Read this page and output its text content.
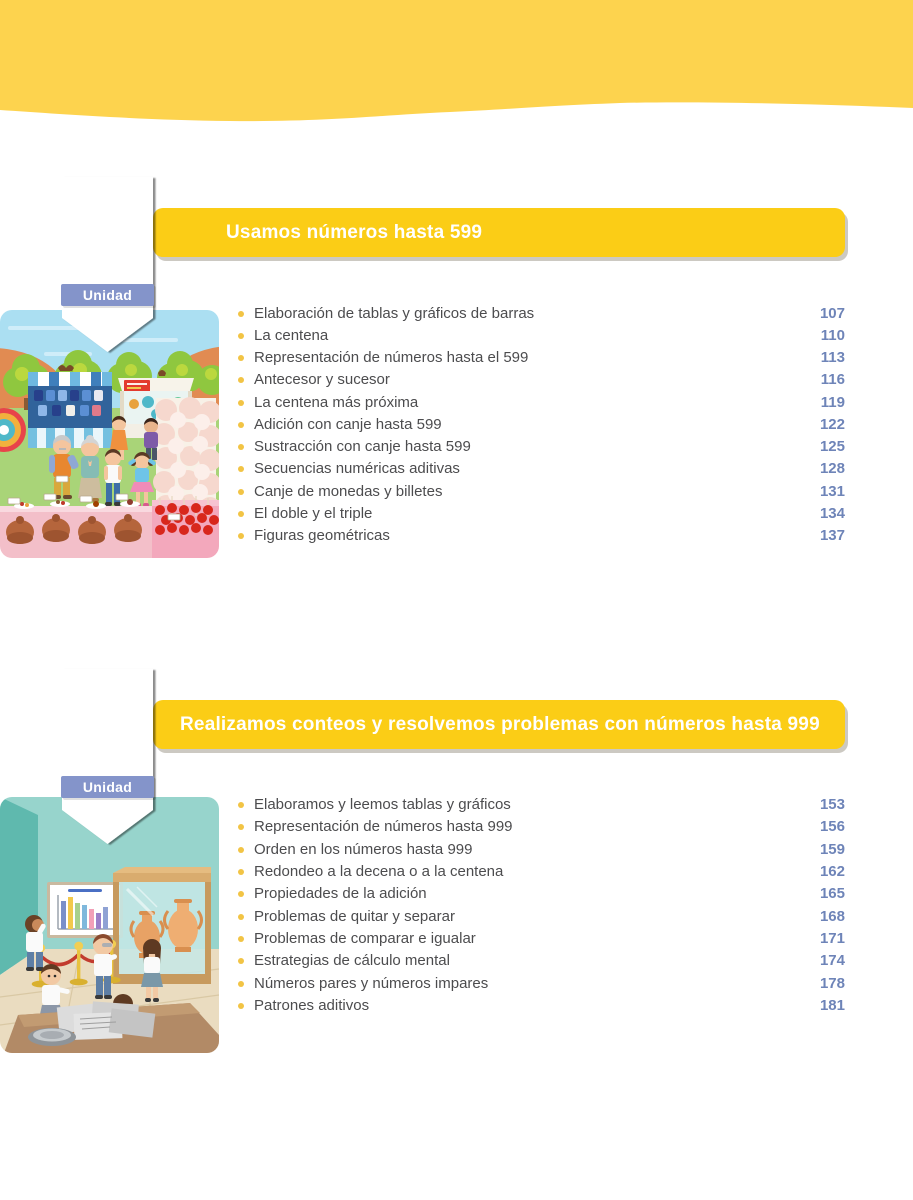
Usamos números hasta 599
Unidad
Elaboración de tablas y gráficos de barras	107
La centena	110
Representación de números hasta el 599	113
Antecesor y sucesor	116
La centena más próxima	119
Adición con canje hasta 599	122
Sustracción con canje hasta 599	125
Secuencias numéricas aditivas	128
Canje de monedas y billetes	131
El doble y el triple	134
Figuras geométricas	137
Realizamos conteos y resolvemos problemas con números hasta 999
Unidad
Elaboramos y leemos tablas y gráficos	153
Representación de números hasta 999	156
Orden en los números hasta 999	159
Redondeo a la decena o a la centena	162
Propiedades de la adición	165
Problemas de quitar y separar	168
Problemas de comparar e igualar	171
Estrategias de cálculo mental	174
Números pares y números impares	178
Patrones aditivos	181
